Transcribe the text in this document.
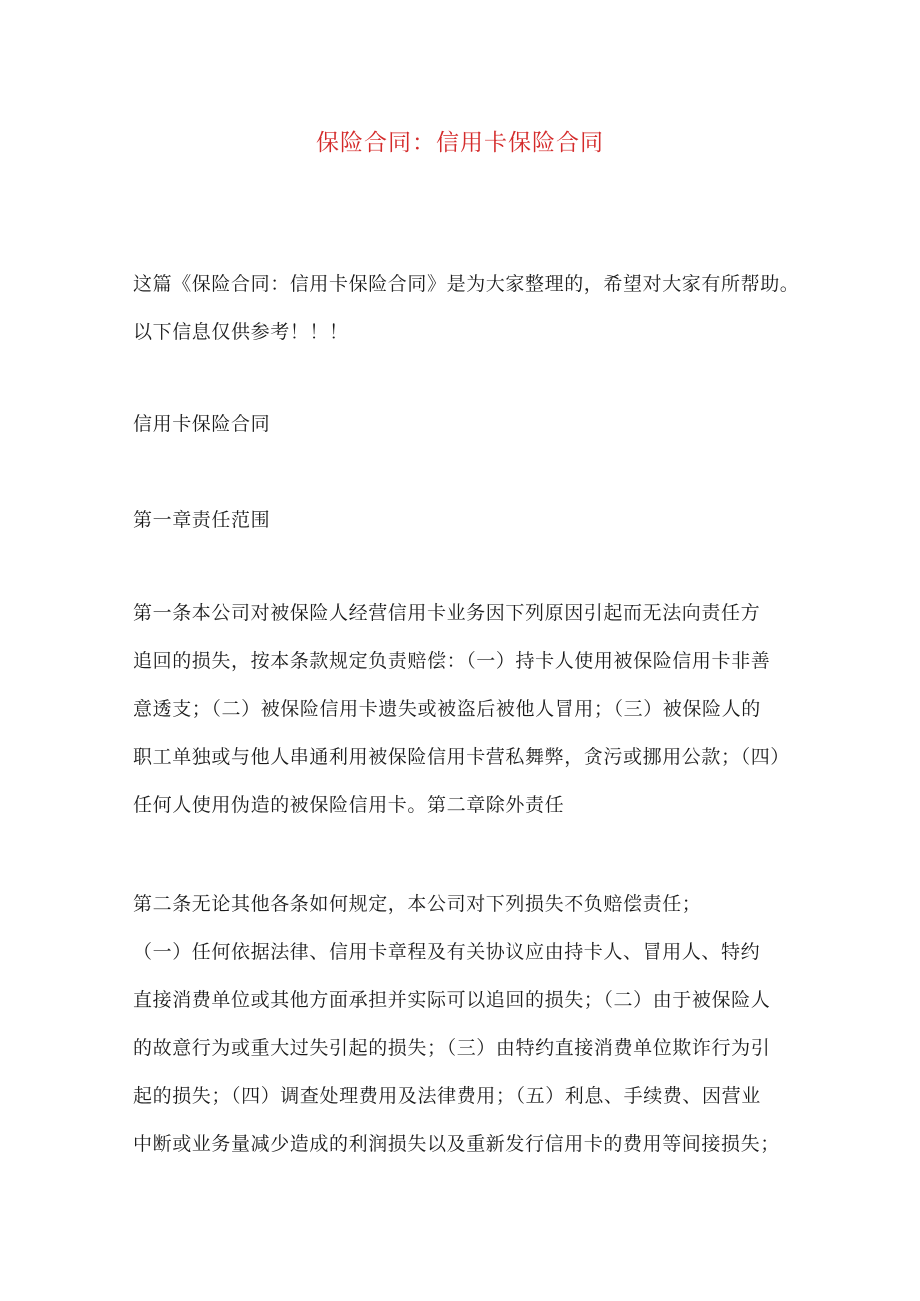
保险合同：信用卡保险合同

这篇《保险合同：信用卡保险合同》是为大家整理的，希望对大家有所帮助。

以下信息仅供参考！！！

信用卡保险合同

第一章责任范围

第一条本公司对被保险人经营信用卡业务因下列原因引起而无法向责任方

追回的损失，按本条款规定负责赔偿：（一）持卡人使用被保险信用卡非善

意透支；（二）被保险信用卡遗失或被盗后被他人冒用；（三）被保险人的

职工单独或与他人串通利用被保险信用卡营私舞弊，贪污或挪用公款；（四）

任何人使用伪造的被保险信用卡。第二章除外责任

第二条无论其他各条如何规定，本公司对下列损失不负赔偿责任；

（一）任何依据法律、信用卡章程及有关协议应由持卡人、冒用人、特约

直接消费单位或其他方面承担并实际可以追回的损失；（二）由于被保险人

的故意行为或重大过失引起的损失；（三）由特约直接消费单位欺诈行为引

起的损失；（四）调查处理费用及法律费用；（五）利息、手续费、因营业

中断或业务量减少造成的利润损失以及重新发行信用卡的费用等间接损失；
